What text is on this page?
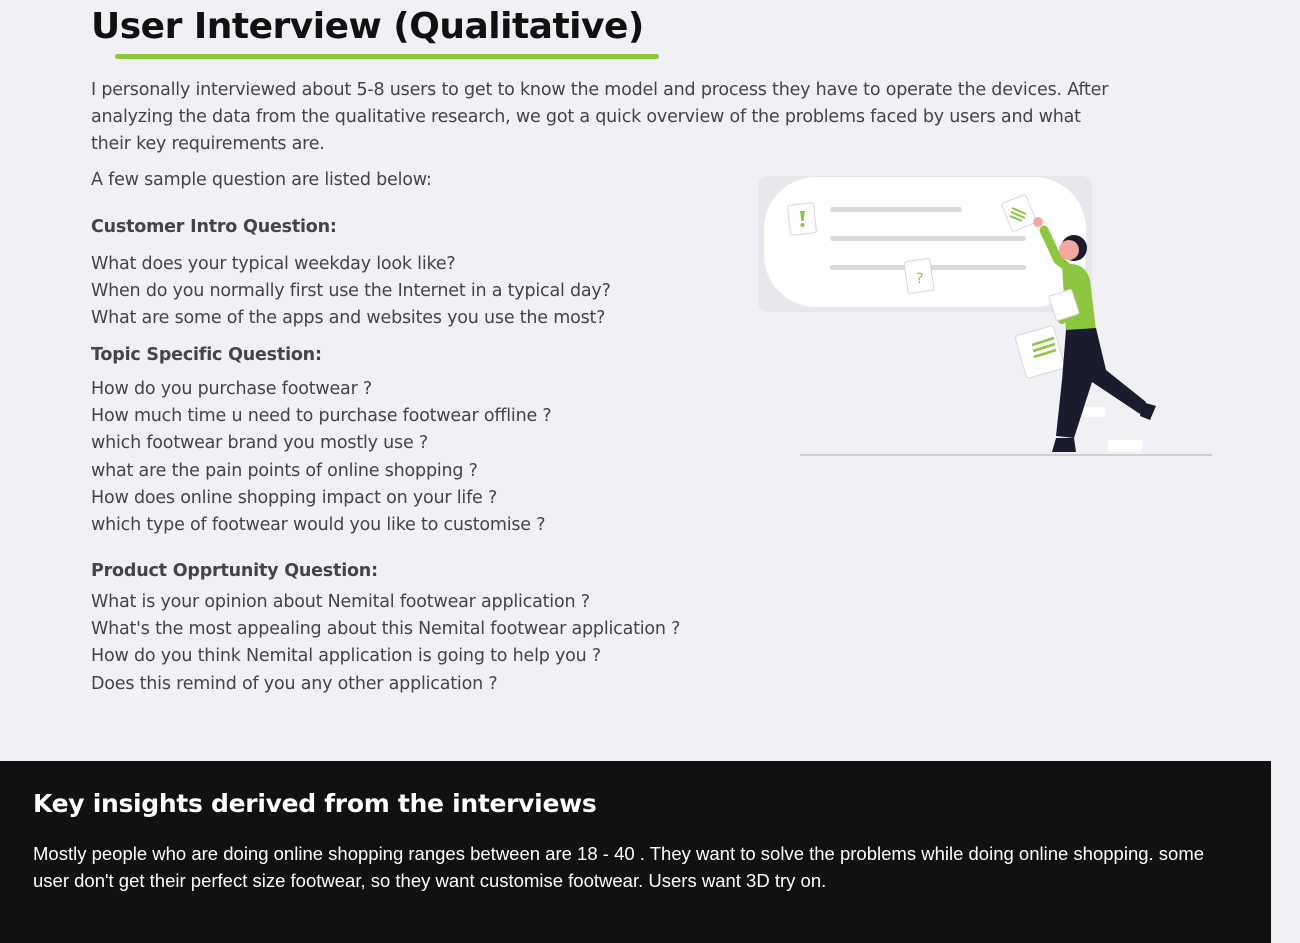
User Interview (Qualitative)

I personally interviewed about 5-8 users to get to know the model and process they have to operate the devices. After analyzing the data from the qualitative research, we got a quick overview of the problems faced by users and what their key requirements are.

A few sample question are listed below:

Customer Intro Question:
What does your typical weekday look like?
When do you normally first use the Internet in a typical day?
What are some of the apps and websites you use the most?
Topic Specific Question:
How do you purchase footwear ?
How much time u need to purchase footwear offline ?
which footwear brand you mostly use ?
what are the pain points of online shopping ?
How does online shopping impact on your life ?
which type of footwear would you like to customise ?
Product Opprtunity Question:
What is your opinion about Nemital footwear application ?
What's the most appealing about this Nemital footwear application ?
How do you think Nemital application is going to help you ?
Does this remind of you any other application ?
?
Key insights derived from the interviews

Mostly people who are doing online shopping ranges between are 18 - 40 . They want to solve the problems while doing online shopping. some user don't get their perfect size footwear, so they want customise footwear. Users want 3D try on.
